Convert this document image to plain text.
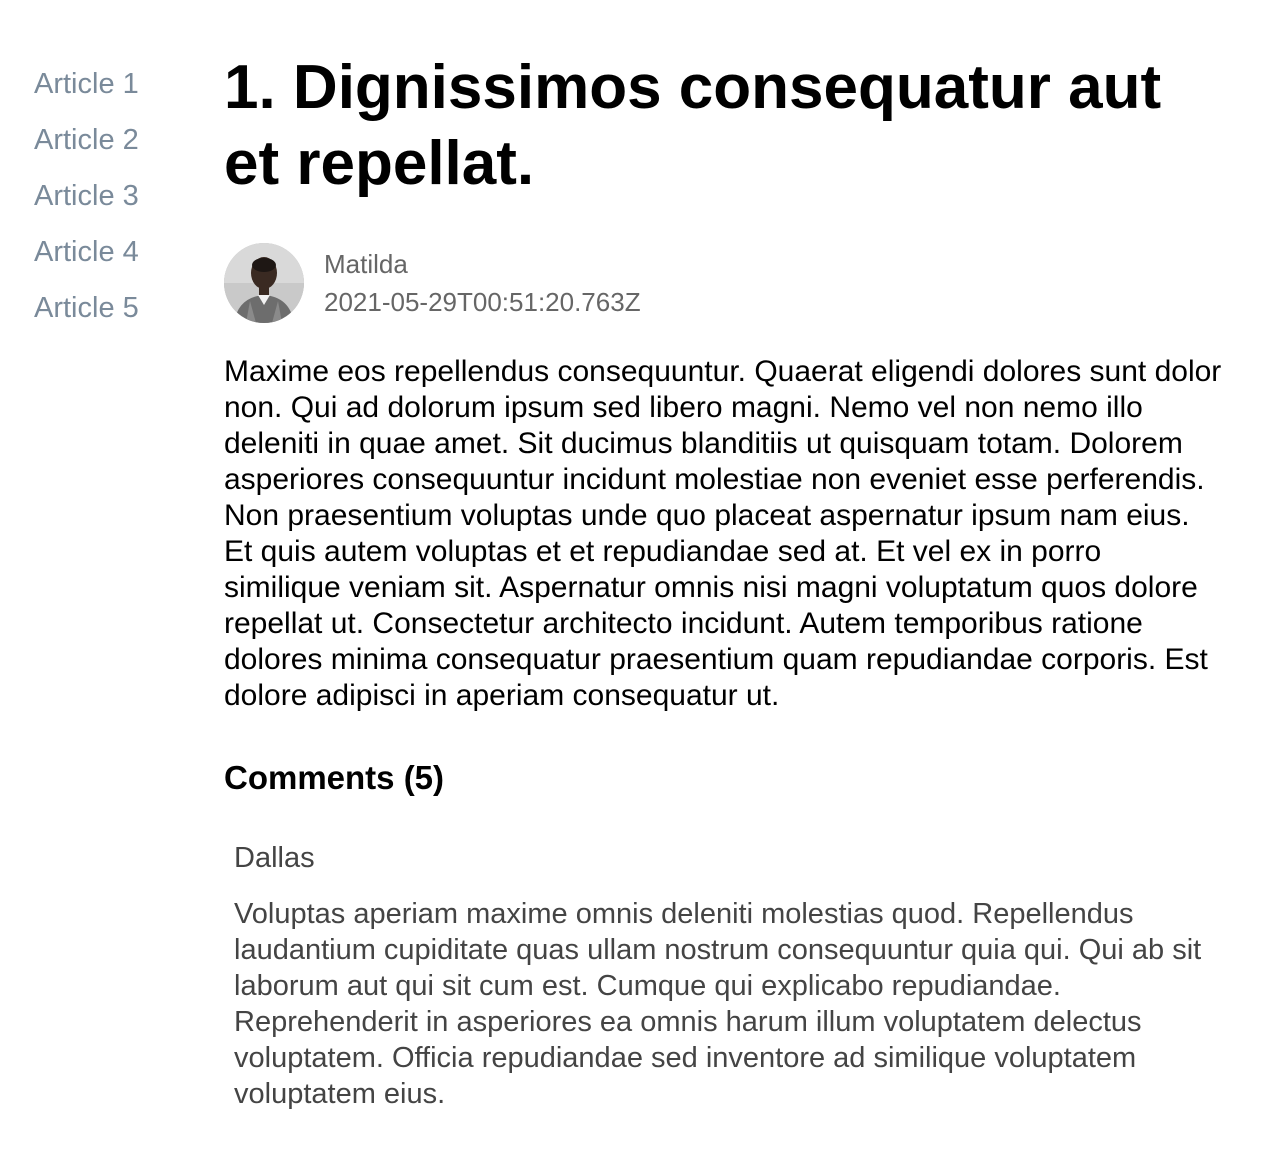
Article 1
Article 2
Article 3
Article 4
Article 5
1. Dignissimos consequatur aut et repellat.
Matilda
2021-05-29T00:51:20.763Z

Maxime eos repellendus consequuntur. Quaerat eligendi dolores sunt dolor non. Qui ad dolorum ipsum sed libero magni. Nemo vel non nemo illo deleniti in quae amet. Sit ducimus blanditiis ut quisquam totam. Dolorem asperiores consequuntur incidunt molestiae non eveniet esse perferendis. Non praesentium voluptas unde quo placeat aspernatur ipsum nam eius. Et quis autem voluptas et et repudiandae sed at. Et vel ex in porro similique veniam sit. Aspernatur omnis nisi magni voluptatum quos dolore repellat ut. Consectetur architecto incidunt. Autem temporibus ratione dolores minima consequatur praesentium quam repudiandae corporis. Est dolore adipisci in aperiam consequatur ut.

Comments (5)
Dallas
Voluptas aperiam maxime omnis deleniti molestias quod. Repellendus laudantium cupiditate quas ullam nostrum consequuntur quia qui. Qui ab sit laborum aut qui sit cum est. Cumque qui explicabo repudiandae. Reprehenderit in asperiores ea omnis harum illum voluptatem delectus voluptatem. Officia repudiandae sed inventore ad similique voluptatem voluptatem eius.
